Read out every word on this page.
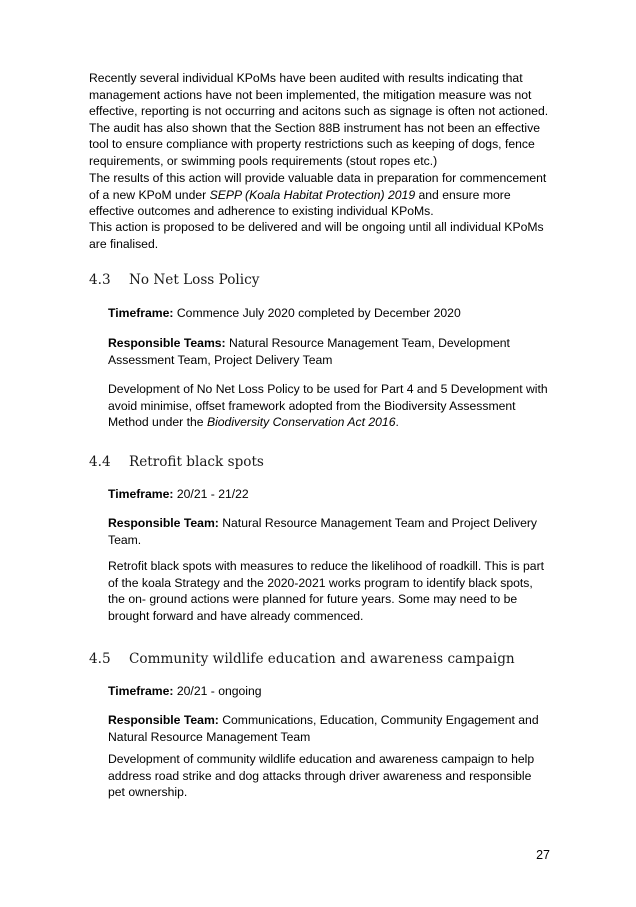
Recently several individual KPoMs have been audited with results indicating that management actions have not been implemented, the mitigation measure was not effective, reporting is not occurring and acitons such as signage is often not actioned. The audit has also shown that the Section 88B instrument has not been an effective tool to ensure compliance with property restrictions such as keeping of dogs, fence requirements, or swimming pools requirements (stout ropes etc.)

The results of this action will provide valuable data in preparation for commencement of a new KPoM under SEPP (Koala Habitat Protection) 2019 and ensure more effective outcomes and adherence to existing individual KPoMs.

This action is proposed to be delivered and will be ongoing until all individual KPoMs are finalised.

4.3 No Net Loss Policy

Timeframe: Commence July 2020 completed by December 2020

Responsible Teams: Natural Resource Management Team, Development Assessment Team, Project Delivery Team

Development of No Net Loss Policy to be used for Part 4 and 5 Development with avoid minimise, offset framework adopted from the Biodiversity Assessment Method under the Biodiversity Conservation Act 2016.

4.4 Retrofit black spots

Timeframe: 20/21 - 21/22

Responsible Team: Natural Resource Management Team and Project Delivery Team.

Retrofit black spots with measures to reduce the likelihood of roadkill. This is part of the koala Strategy and the 2020-2021 works program to identify black spots, the on- ground actions were planned for future years. Some may need to be brought forward and have already commenced.

4.5 Community wildlife education and awareness campaign

Timeframe: 20/21 - ongoing

Responsible Team: Communications, Education, Community Engagement and Natural Resource Management Team

Development of community wildlife education and awareness campaign to help address road strike and dog attacks through driver awareness and responsible pet ownership.

27
